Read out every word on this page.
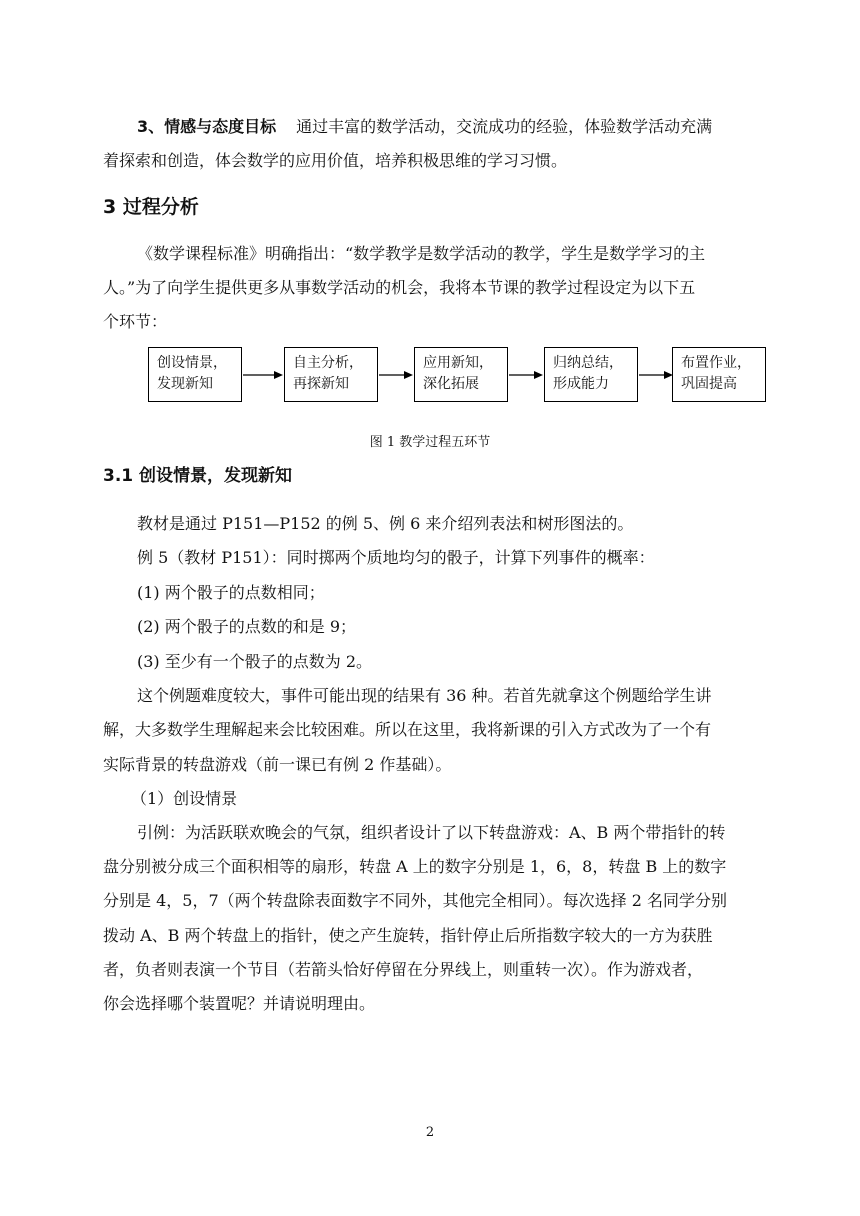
3、情感与态度目标 通过丰富的数学活动，交流成功的经验，体验数学活动充满
着探索和创造，体会数学的应用价值，培养积极思维的学习习惯。
3 过程分析
《数学课程标准》明确指出：“数学教学是数学活动的教学，学生是数学学习的主
人。”为了向学生提供更多从事数学活动的机会，我将本节课的教学过程设定为以下五
个环节：
创设情景，
发现新知
自主分析，
再探新知
应用新知，
深化拓展
归纳总结，
形成能力
布置作业，
巩固提高
图 1 教学过程五环节
3.1 创设情景，发现新知
教材是通过 P151—P152 的例 5、例 6 来介绍列表法和树形图法的。
例 5（教材 P151）：同时掷两个质地均匀的骰子，计算下列事件的概率：
(1) 两个骰子的点数相同；
(2) 两个骰子的点数的和是 9；
(3) 至少有一个骰子的点数为 2。
这个例题难度较大，事件可能出现的结果有 36 种。若首先就拿这个例题给学生讲
解，大多数学生理解起来会比较困难。所以在这里，我将新课的引入方式改为了一个有
实际背景的转盘游戏（前一课已有例 2 作基础）。
（1）创设情景
引例：为活跃联欢晚会的气氛，组织者设计了以下转盘游戏：A、B 两个带指针的转
盘分别被分成三个面积相等的扇形，转盘 A 上的数字分别是 1，6，8，转盘 B 上的数字
分别是 4，5，7（两个转盘除表面数字不同外，其他完全相同）。每次选择 2 名同学分别
拨动 A、B 两个转盘上的指针，使之产生旋转，指针停止后所指数字较大的一方为获胜
者，负者则表演一个节目（若箭头恰好停留在分界线上，则重转一次）。作为游戏者，
你会选择哪个装置呢？并请说明理由。
2
